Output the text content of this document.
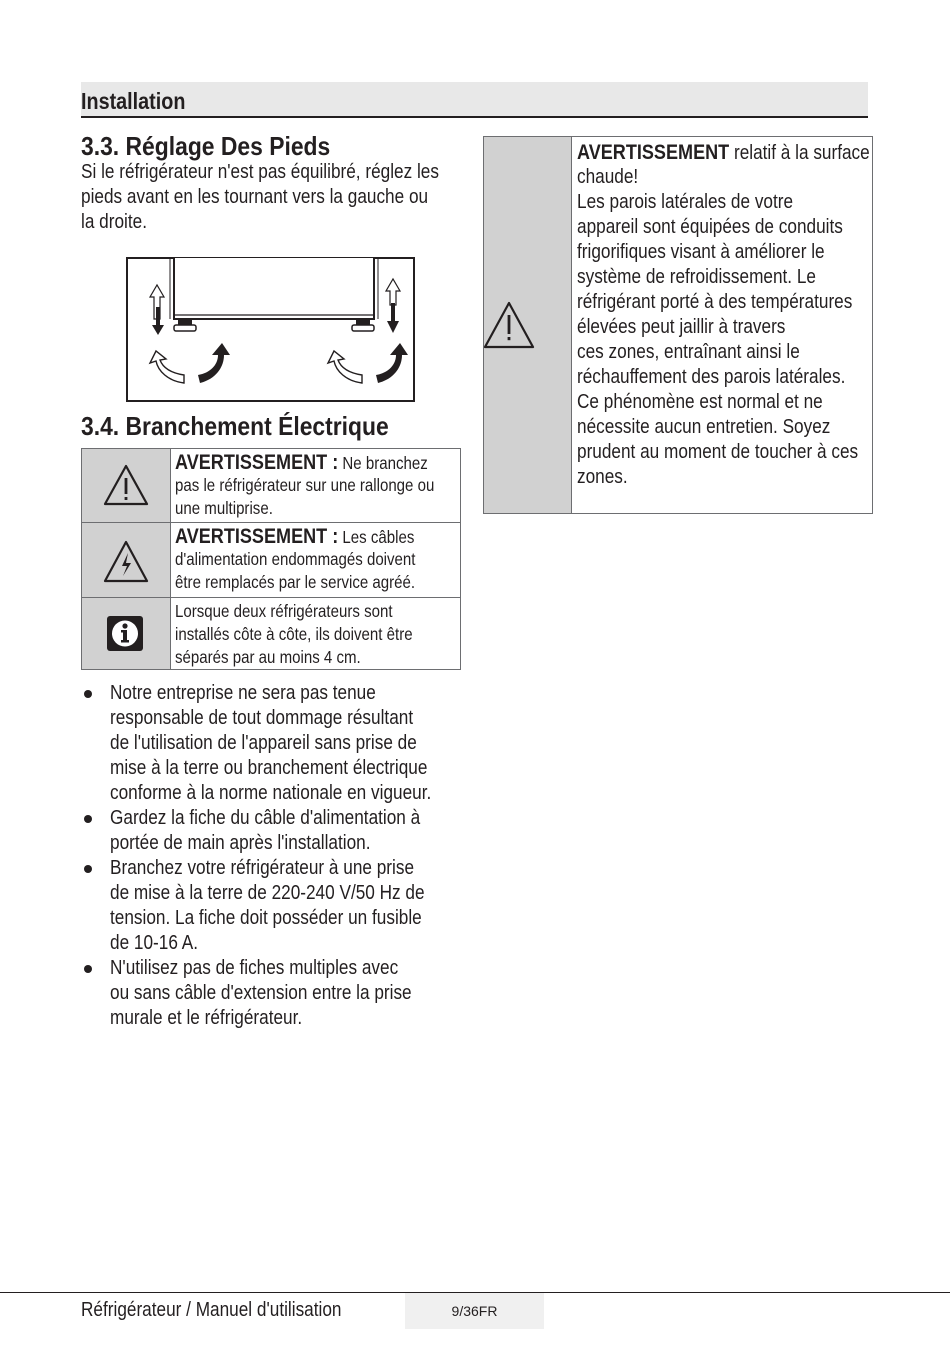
Installation
3.3. Réglage Des Pieds
Si le réfrigérateur n'est pas équilibré, réglez les
pieds avant en les tournant vers la gauche ou
la droite.
3.4. Branchement Électrique
AVERTISSEMENT : Ne branchez
pas le réfrigérateur sur une rallonge ou
une multiprise.
AVERTISSEMENT : Les câbles
d'alimentation endommagés doivent
être remplacés par le service agréé.
Lorsque deux réfrigérateurs sont
installés côte à côte, ils doivent être
séparés par au moins 4 cm.
Notre entreprise ne sera pas tenue
responsable de tout dommage résultant
de l'utilisation de l'appareil sans prise de
mise à la terre ou branchement électrique
conforme à la norme nationale en vigueur.
Gardez la fiche du câble d'alimentation à
portée de main après l'installation.
Branchez votre réfrigérateur à une prise
de mise à la terre de 220-240 V/50 Hz de
tension. La fiche doit posséder un fusible
de 10-16 A.
N'utilisez pas de fiches multiples avec
ou sans câble d'extension entre la prise
murale et le réfrigérateur.
AVERTISSEMENT relatif à la surface
chaude!
Les parois latérales de votre
appareil sont équipées de conduits
frigorifiques visant à améliorer le
système de refroidissement. Le
réfrigérant porté à des températures
élevées peut jaillir à travers
ces zones, entraînant ainsi le
réchauffement des parois latérales.
Ce phénomène est normal et ne
nécessite aucun entretien. Soyez
prudent au moment de toucher à ces
zones.
Réfrigérateur / Manuel d'utilisation	9/36FR
